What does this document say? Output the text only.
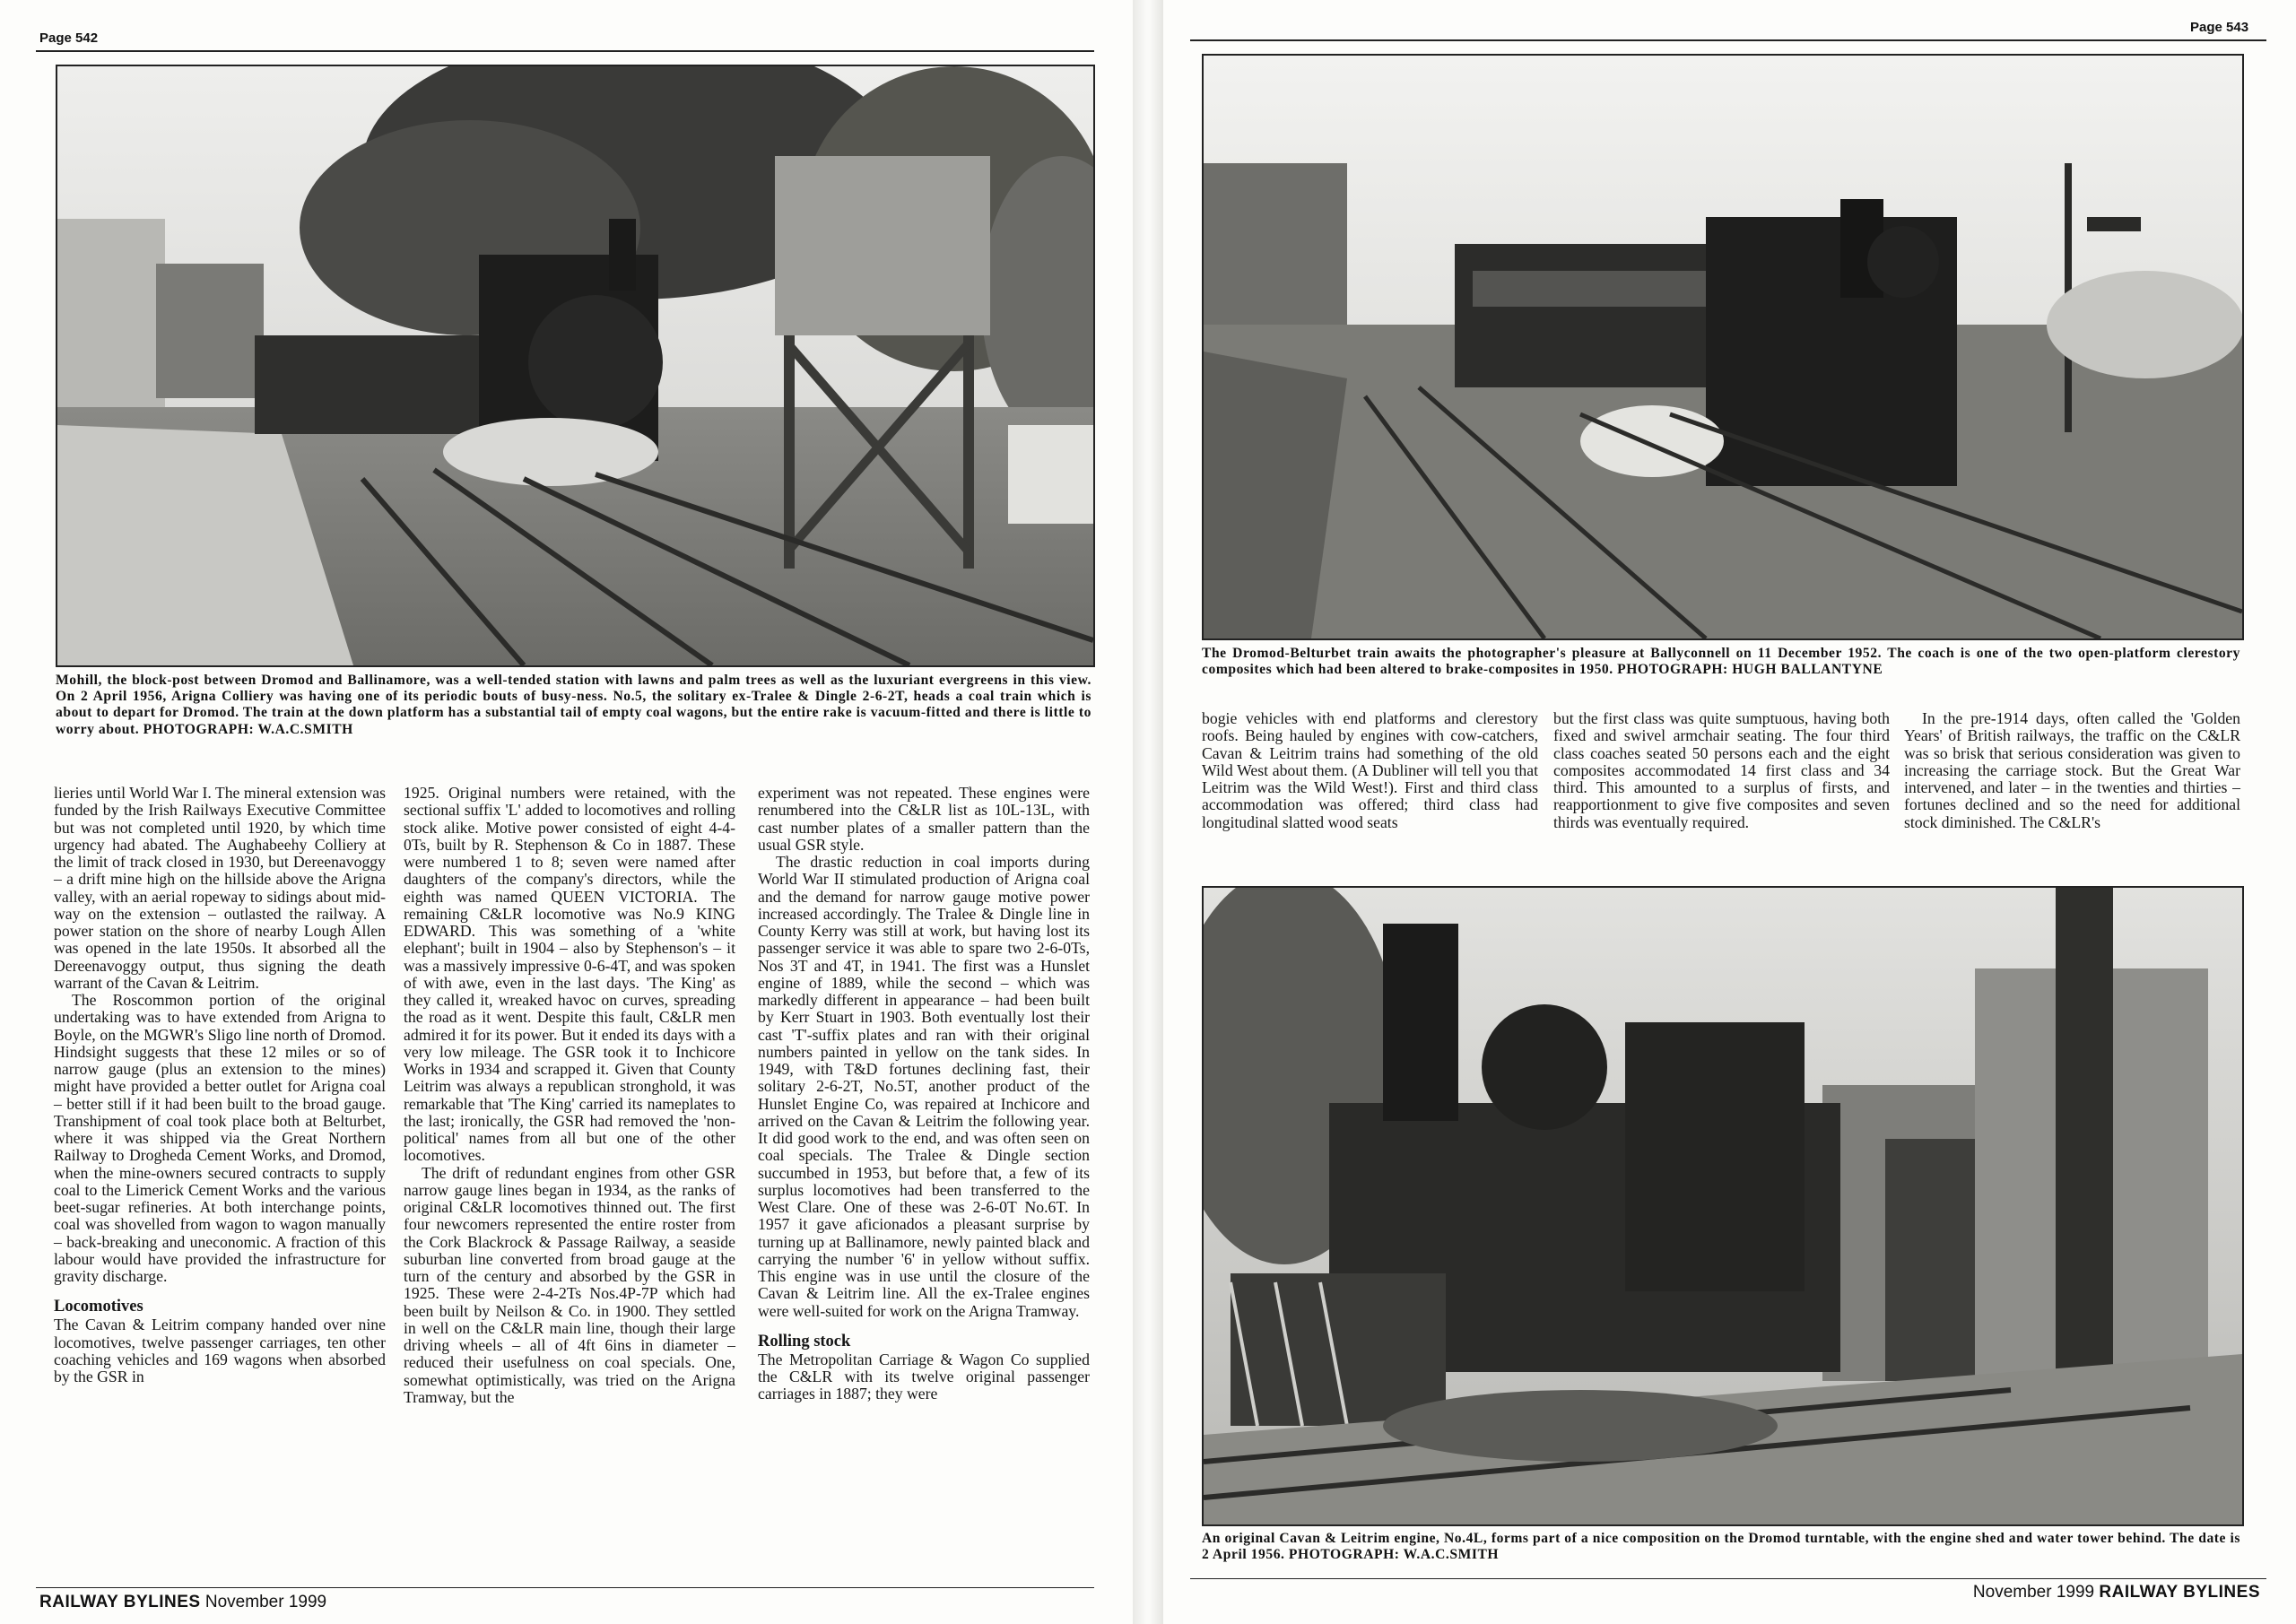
Page 542
Mohill, the block-post between Dromod and Ballinamore, was a well-tended station with lawns and palm trees as well as the luxuriant evergreens in this view. On 2 April 1956, Arigna Colliery was having one of its periodic bouts of busy-ness. No.5, the solitary ex-Tralee & Dingle 2-6-2T, heads a coal train which is about to depart for Dromod. The train at the down platform has a substantial tail of empty coal wagons, but the entire rake is vacuum-fitted and there is little to worry about. PHOTOGRAPH: W.A.C.SMITH

lieries until World War I. The mineral extension was funded by the Irish Railways Executive Committee but was not completed until 1920, by which time urgency had abated. The Aughabeehy Colliery at the limit of track closed in 1930, but Dereenavoggy – a drift mine high on the hillside above the Arigna valley, with an aerial ropeway to sidings about mid-way on the extension – outlasted the railway. A power station on the shore of nearby Lough Allen was opened in the late 1950s. It absorbed all the Dereenavoggy output, thus signing the death warrant of the Cavan & Leitrim.

The Roscommon portion of the original undertaking was to have extended from Arigna to Boyle, on the MGWR's Sligo line north of Dromod. Hindsight suggests that these 12 miles or so of narrow gauge (plus an extension to the mines) might have provided a better outlet for Arigna coal – better still if it had been built to the broad gauge. Transhipment of coal took place both at Belturbet, where it was shipped via the Great Northern Railway to Drogheda Cement Works, and Dromod, when the mine-owners secured contracts to supply coal to the Limerick Cement Works and the various beet-sugar refineries. At both interchange points, coal was shovelled from wagon to wagon manually – back-breaking and uneconomic. A fraction of this labour would have provided the infrastructure for gravity discharge.

Locomotives

The Cavan & Leitrim company handed over nine locomotives, twelve passenger carriages, ten other coaching vehicles and 169 wagons when absorbed by the GSR in

1925. Original numbers were retained, with the sectional suffix 'L' added to locomotives and rolling stock alike. Motive power consisted of eight 4-4-0Ts, built by R. Stephenson & Co in 1887. These were numbered 1 to 8; seven were named after daughters of the company's directors, while the eighth was named QUEEN VICTORIA. The remaining C&LR locomotive was No.9 KING EDWARD. This was something of a 'white elephant'; built in 1904 – also by Stephenson's – it was a massively impressive 0-6-4T, and was spoken of with awe, even in the last days. 'The King' as they called it, wreaked havoc on curves, spreading the road as it went. Despite this fault, C&LR men admired it for its power. But it ended its days with a very low mileage. The GSR took it to Inchicore Works in 1934 and scrapped it. Given that County Leitrim was always a republican stronghold, it was remarkable that 'The King' carried its nameplates to the last; ironically, the GSR had removed the 'non-political' names from all but one of the other locomotives.

The drift of redundant engines from other GSR narrow gauge lines began in 1934, as the ranks of original C&LR locomotives thinned out. The first four newcomers represented the entire roster from the Cork Blackrock & Passage Railway, a seaside suburban line converted from broad gauge at the turn of the century and absorbed by the GSR in 1925. These were 2-4-2Ts Nos.4P-7P which had been built by Neilson & Co. in 1900. They settled in well on the C&LR main line, though their large driving wheels – all of 4ft 6ins in diameter – reduced their usefulness on coal specials. One, somewhat optimistically, was tried on the Arigna Tramway, but the

experiment was not repeated. These engines were renumbered into the C&LR list as 10L-13L, with cast number plates of a smaller pattern than the usual GSR style.

The drastic reduction in coal imports during World War II stimulated production of Arigna coal and the demand for narrow gauge motive power increased accordingly. The Tralee & Dingle line in County Kerry was still at work, but having lost its passenger service it was able to spare two 2-6-0Ts, Nos 3T and 4T, in 1941. The first was a Hunslet engine of 1889, while the second – which was markedly different in appearance – had been built by Kerr Stuart in 1903. Both eventually lost their cast 'T'-suffix plates and ran with their original numbers painted in yellow on the tank sides. In 1949, with T&D fortunes declining fast, their solitary 2-6-2T, No.5T, another product of the Hunslet Engine Co, was repaired at Inchicore and arrived on the Cavan & Leitrim the following year. It did good work to the end, and was often seen on coal specials. The Tralee & Dingle section succumbed in 1953, but before that, a few of its surplus locomotives had been transferred to the West Clare. One of these was 2-6-0T No.6T. In 1957 it gave aficionados a pleasant surprise by turning up at Ballinamore, newly painted black and carrying the number '6' in yellow without suffix. This engine was in use until the closure of the Cavan & Leitrim line. All the ex-Tralee engines were well-suited for work on the Arigna Tramway.

Rolling stock

The Metropolitan Carriage & Wagon Co supplied the C&LR with its twelve original passenger carriages in 1887; they were

RAILWAY BYLINES November 1999
Page 543
The Dromod-Belturbet train awaits the photographer's pleasure at Ballyconnell on 11 December 1952. The coach is one of the two open-platform clerestory composites which had been altered to brake-composites in 1950. PHOTOGRAPH: HUGH BALLANTYNE

bogie vehicles with end platforms and clerestory roofs. Being hauled by engines with cow-catchers, Cavan & Leitrim trains had something of the old Wild West about them. (A Dubliner will tell you that Leitrim was the Wild West!). First and third class accommodation was offered; third class had longitudinal slatted wood seats

but the first class was quite sumptuous, having both fixed and swivel armchair seating. The four third class coaches seated 50 persons each and the eight composites accommodated 14 first class and 34 third. This amounted to a surplus of firsts, and reapportionment to give five composites and seven thirds was eventually required.

In the pre-1914 days, often called the 'Golden Years' of British railways, the traffic on the C&LR was so brisk that serious consideration was given to increasing the carriage stock. But the Great War intervened, and later – in the twenties and thirties – fortunes declined and so the need for additional stock diminished. The C&LR's

An original Cavan & Leitrim engine, No.4L, forms part of a nice composition on the Dromod turntable, with the engine shed and water tower behind. The date is 2 April 1956. PHOTOGRAPH: W.A.C.SMITH
November 1999 RAILWAY BYLINES
